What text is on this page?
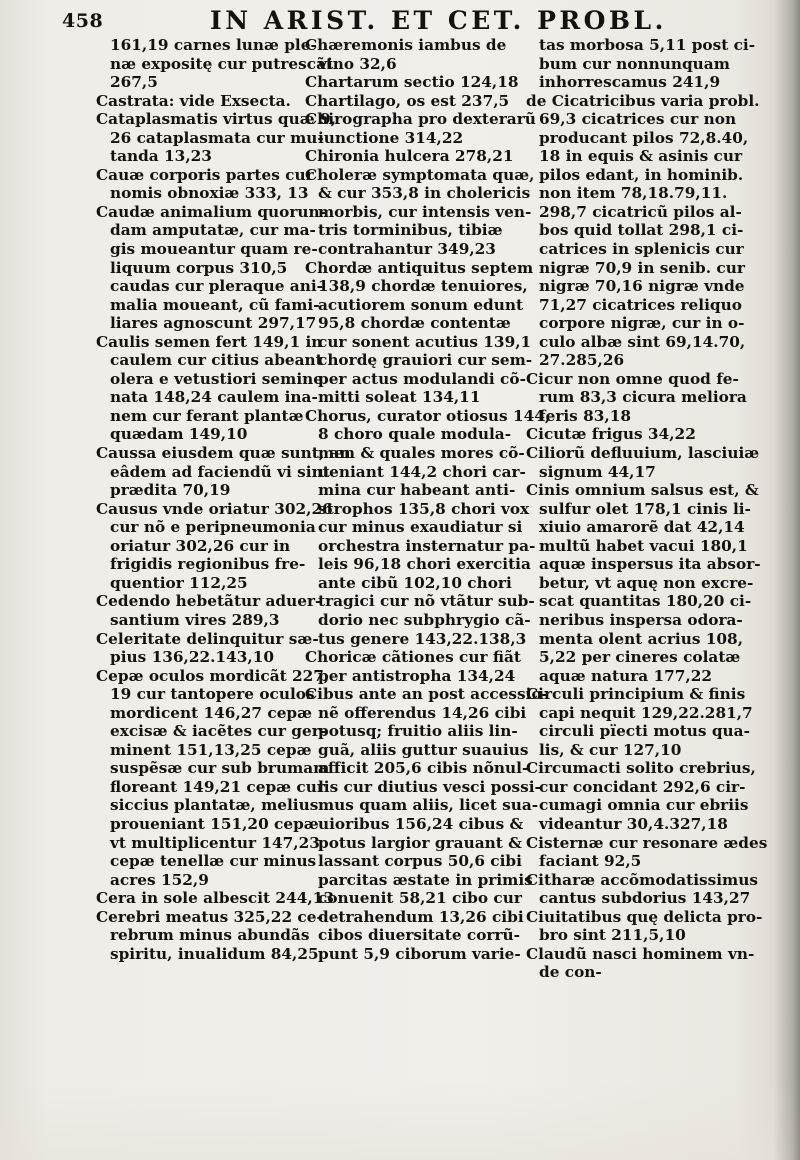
458	IN ARIST. ET CET. PROBL.
161,19 carnes lunæ ple-
næ expositę cur putrescãt
267,5
Castrata: vide Exsecta.
Cataplasmatis virtus quæ 9,
26 cataplasmata cur mu-
tanda 13,23
Cauæ corporis partes cur
nomis obnoxiæ 333, 13
Caudæ animalium quorun-
dam amputatæ, cur ma-
gis moueantur quam re-
liquum corpus 310,5
caudas cur pleraque ani-
malia moueant, cũ fami-
liares agnoscunt 297,17
Caulis semen fert 149,1 in
caulem cur citius abeant
olera e vetustiori semine
nata 148,24 caulem ina-
nem cur ferant plantæ
quædam 149,10
Caussa eiusdem quæ sunt, an
eâdem ad faciendũ vi sint
prædita 70,19
Causus vnde oriatur 302,26
cur nõ e peripneumonia
oriatur 302,26 cur in
frigidis regionibus fre-
quentior 112,25
Cedendo hebetãtur aduer-
santium vires 289,3
Celeritate delinquitur sæ-
pius 136,22.143,10
Cepæ oculos mordicãt 227,
19 cur tantopere oculos
mordicent 146,27 cepæ
excisæ & iacẽtes cur ger-
minent 151,13,25 cepæ
suspẽsæ cur sub brumam
floreant 149,21 cepæ cur
siccius plantatæ, melius
proueniant 151,20 cepæ
vt multiplicentur 147,23
cepæ tenellæ cur minus
acres 152,9
Cera in sole albescit 244,13
Cerebri meatus 325,22 ce-
rebrum minus abundãs
spiritu, inualidum 84,25
Chæremonis iambus de
vino 32,6
Chartarum sectio 124,18
Chartilago, os est 237,5
Chirographa pro dexterarũ
iunctione 314,22
Chironia hulcera 278,21
Choleræ symptomata quæ,
& cur 353,8 in cholericis
morbis, cur intensis ven-
tris torminibus, tibiæ
contrahantur 349,23
Chordæ antiquitus septem
138,9 chordæ tenuiores,
acutiorem sonum edunt
95,8 chordæ contentæ
cur sonent acutius 139,1
chordę grauiori cur sem-
per actus modulandi cõ-
mitti soleat 134,11
Chorus, curator otiosus 144,
8 choro quale modula-
men & quales mores cõ-
ueniant 144,2 chori car-
mina cur habeant anti-
strophos 135,8 chori vox
cur minus exaudiatur si
orchestra insternatur pa-
leis 96,18 chori exercitia
ante cibũ 102,10 chori
tragici cur nõ vtãtur sub-
dorio nec subphrygio cã-
tus genere 143,22.138,3
Choricæ cãtiones cur fiãt
per antistropha 134,24
Cibus ante an post accessio-
nẽ offerendus 14,26 cibi
potusq; fruitio aliis lin-
guã, aliis guttur suauius
afficit 205,6 cibis nõnul-
lis cur diutius vesci possi-
mus quam aliis, licet sua-
uioribus 156,24 cibus &
potus largior grauant &
lassant corpus 50,6 cibi
parcitas æstate in primis
conuenit 58,21 cibo cur
detrahendum 13,26 cibi
cibos diuersitate corrũ-
punt 5,9 ciborum varie-
tas morbosa 5,11 post ci-
bum cur nonnunquam
inhorrescamus 241,9
de Cicatricibus varia probl.
69,3 cicatrices cur non
producant pilos 72,8.40,
18 in equis & asinis cur
pilos edant, in hominib.
non item 78,18.79,11.
298,7 cicatricũ pilos al-
bos quid tollat 298,1 ci-
catrices in splenicis cur
nigræ 70,9 in senib. cur
nigræ 70,16 nigræ vnde
71,27 cicatrices reliquo
corpore nigræ, cur in o-
culo albæ sint 69,14.70,
27.285,26
Cicur non omne quod fe-
rum 83,3 cicura meliora
feris 83,18
Cicutæ frigus 34,22
Ciliorũ defluuium, lasciuiæ
signum 44,17
Cinis omnium salsus est, &
sulfur olet 178,1 cinis li-
xiuio amarorẽ dat 42,14
multũ habet vacui 180,1
aquæ inspersus ita absor-
betur, vt aquę non excre-
scat quantitas 180,20 ci-
neribus inspersa odora-
menta olent acrius 108,
5,22 per cineres colatæ
aquæ natura 177,22
Circuli principium & finis
capi nequit 129,22.281,7
circuli pïecti motus qua-
lis, & cur 127,10
Circumacti solito crebrius,
cur concidant 292,6 cir-
cumagi omnia cur ebriis
videantur 30,4.327,18
Cisternæ cur resonare ædes
faciant 92,5
Citharæ accõmodatissimus
cantus subdorius 143,27
Ciuitatibus quę delicta pro-
bro sint 211,5,10
Claudũ nasci hominem vn-
de con-
